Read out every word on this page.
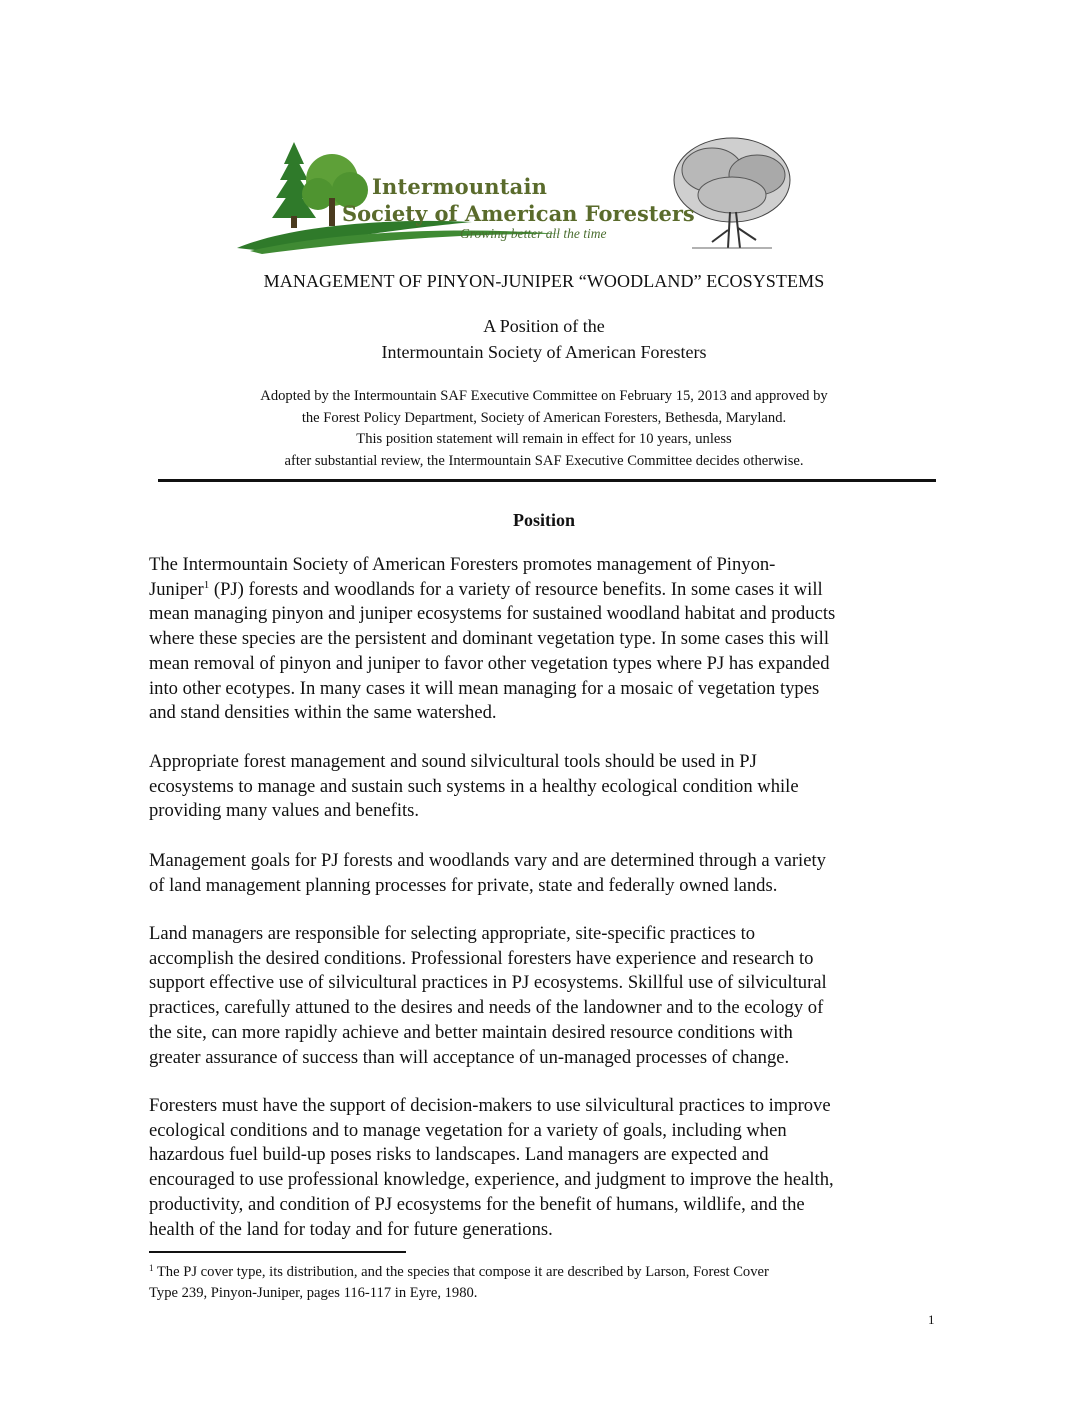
Intermountain
Society of American Foresters
Growing better all the time
MANAGEMENT OF PINYON-JUNIPER “WOODLAND” ECOSYSTEMS
A Position of the
Intermountain Society of American Foresters
Adopted by the Intermountain SAF Executive Committee on February 15, 2013 and approved by
the Forest Policy Department, Society of American Foresters, Bethesda, Maryland.
This position statement will remain in effect for 10 years, unless
after substantial review, the Intermountain SAF Executive Committee decides otherwise.
Position

The Intermountain Society of American Foresters promotes management of Pinyon-

Juniper$^1$ (PJ) forests and woodlands for a variety of resource benefits. In some cases it will

mean managing pinyon and juniper ecosystems for sustained woodland habitat and products

where these species are the persistent and dominant vegetation type. In some cases this will

mean removal of pinyon and juniper to favor other vegetation types where PJ has expanded

into other ecotypes. In many cases it will mean managing for a mosaic of vegetation types

and stand densities within the same watershed.

Appropriate forest management and sound silvicultural tools should be used in PJ

ecosystems to manage and sustain such systems in a healthy ecological condition while

providing many values and benefits.

Management goals for PJ forests and woodlands vary and are determined through a variety

of land management planning processes for private, state and federally owned lands.

Land managers are responsible for selecting appropriate, site-specific practices to

accomplish the desired conditions. Professional foresters have experience and research to

support effective use of silvicultural practices in PJ ecosystems. Skillful use of silvicultural

practices, carefully attuned to the desires and needs of the landowner and to the ecology of

the site, can more rapidly achieve and better maintain desired resource conditions with

greater assurance of success than will acceptance of un-managed processes of change.

Foresters must have the support of decision-makers to use silvicultural practices to improve

ecological conditions and to manage vegetation for a variety of goals, including when

hazardous fuel build-up poses risks to landscapes. Land managers are expected and

encouraged to use professional knowledge, experience, and judgment to improve the health,

productivity, and condition of PJ ecosystems for the benefit of humans, wildlife, and the

health of the land for today and for future generations.

$^1$ The PJ cover type, its distribution, and the species that compose it are described by Larson, Forest Cover

Type 239, Pinyon-Juniper, pages 116-117 in Eyre, 1980.

1
